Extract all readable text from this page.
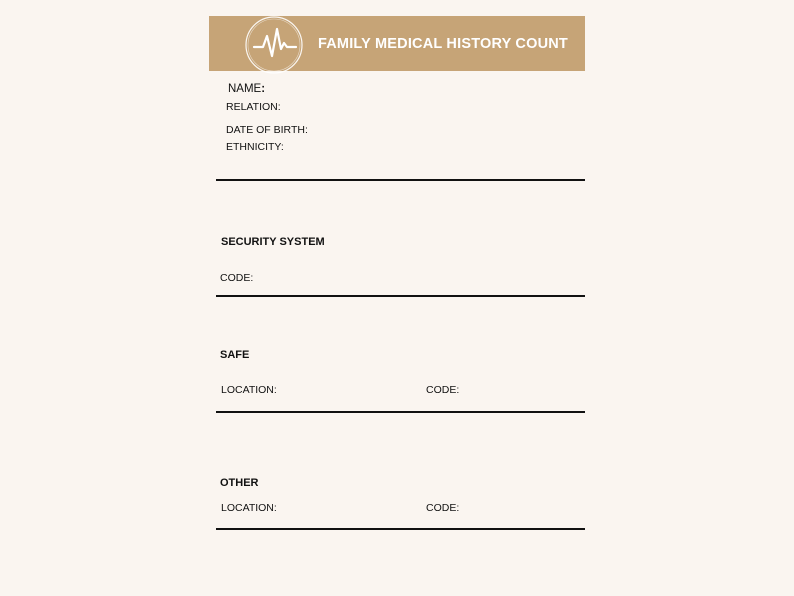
FAMILY MEDICAL HISTORY COUNT
NAME:
RELATION:
DATE OF BIRTH:
ETHNICITY:
SECURITY SYSTEM
CODE:
SAFE
LOCATION:	CODE:
OTHER
LOCATION:	CODE:
